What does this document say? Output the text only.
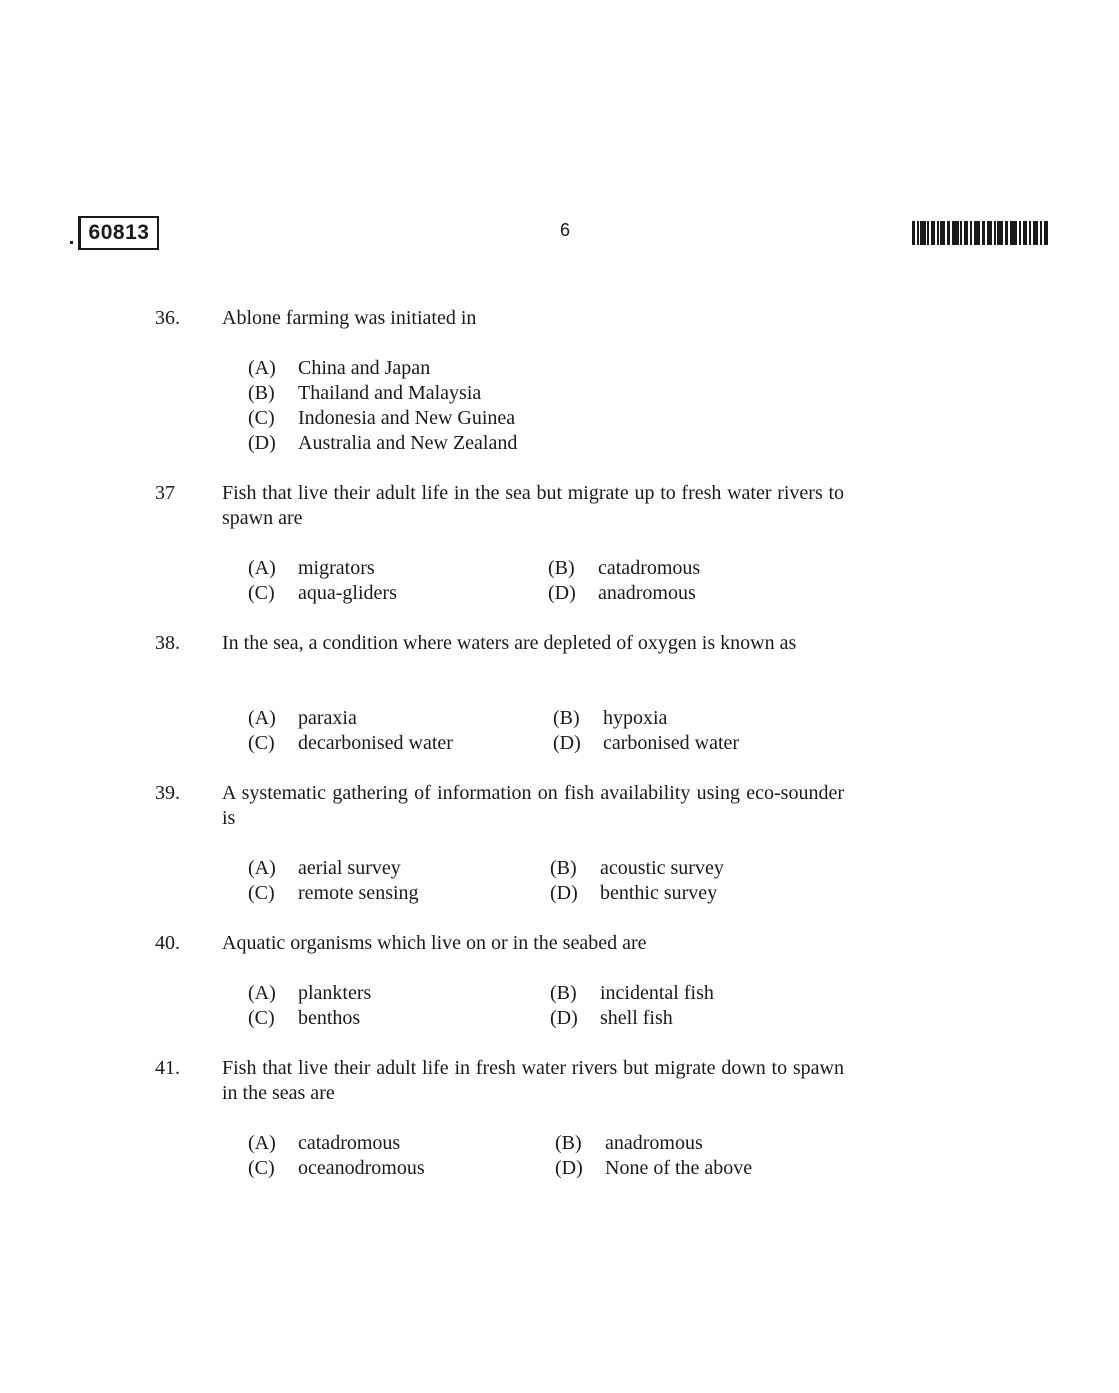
60813	6
36. Ablone farming was initiated in
(A) China and Japan
(B) Thailand and Malaysia
(C) Indonesia and New Guinea
(D) Australia and New Zealand
37 Fish that live their adult life in the sea but migrate up to fresh water rivers to spawn are
(A) migrators	(B) catadromous
(C) aqua-gliders	(D) anadromous
38. In the sea, a condition where waters are depleted of oxygen is known as
(A) paraxia	(B) hypoxia
(C) decarbonised water	(D) carbonised water
39. A systematic gathering of information on fish availability using eco-sounder is
(A) aerial survey	(B) acoustic survey
(C) remote sensing	(D) benthic survey
40. Aquatic organisms which live on or in the seabed are
(A) plankters	(B) incidental fish
(C) benthos	(D) shell fish
41. Fish that live their adult life in fresh water rivers but migrate down to spawn in the seas are
(A) catadromous	(B) anadromous
(C) oceanodromous	(D) None of the above
